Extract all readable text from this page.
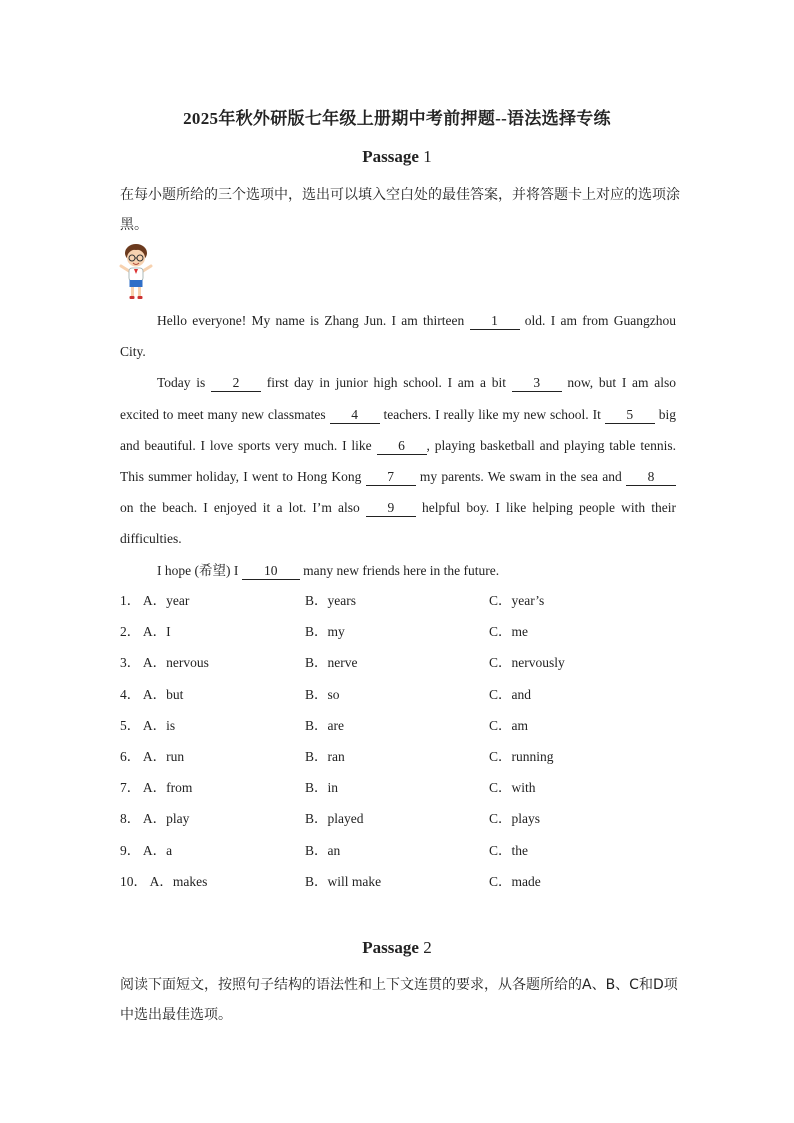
2025年秋外研版七年级上册期中考前押题--语法选择专练
Passage 1
在每小题所给的三个选项中，选出可以填入空白处的最佳答案，并将答题卡上对应的选项涂黑。

Hello everyone! My name is Zhang Jun. I am thirteen 1 old. I am from Guangzhou City.

Today is 2 first day in junior high school. I am a bit 3 now, but I am also excited to meet many new classmates 4 teachers. I really like my new school. It 5 big and beautiful. I love sports very much. I like 6 , playing basketball and playing table tennis. This summer holiday, I went to Hong Kong 7 my parents. We swam in the sea and 8 on the beach. I enjoyed it a lot. I’m also 9 helpful boy. I like helping people with their difficulties.

I hope (希望) I 10 many new friends here in the future.

1． A．year	B．years	C．year’s
2． A．I	B．my	C．me
3． A．nervous	B．nerve	C．nervously
4． A．but	B．so	C．and
5． A．is	B．are	C．am
6． A．run	B．ran	C．running
7． A．from	B．in	C．with
8． A．play	B．played	C．plays
9． A．a	B．an	C．the
10． A．makes	B．will make	C．made
Passage 2
阅读下面短文，按照句子结构的语法性和上下文连贯的要求，从各题所给的A、B、C和D项中选出最佳选项。
